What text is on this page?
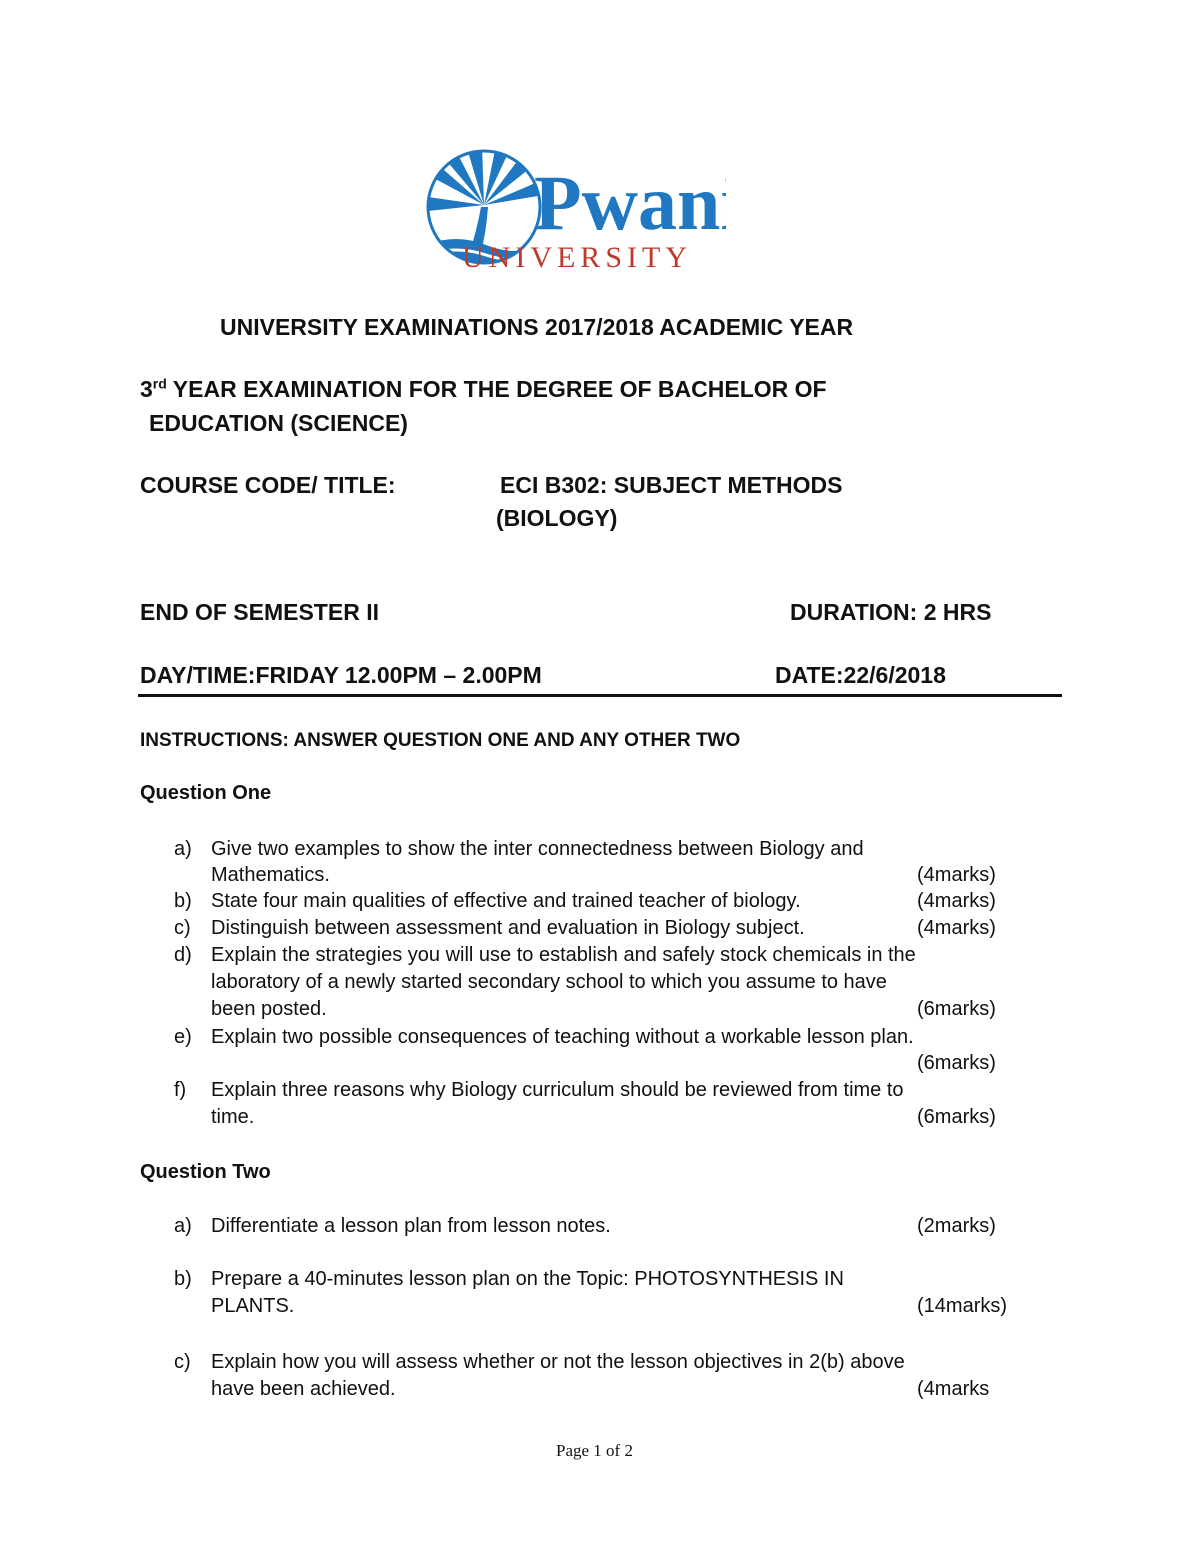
Pwani
UNIVERSITY
UNIVERSITY EXAMINATIONS 2017/2018 ACADEMIC YEAR
3rd YEAR EXAMINATION FOR THE DEGREE OF BACHELOR OF
EDUCATION (SCIENCE)
COURSE CODE/ TITLE:	ECI B302: SUBJECT METHODS
(BIOLOGY)
END OF SEMESTER II	DURATION: 2 HRS
DAY/TIME:FRIDAY 12.00PM – 2.00PM	DATE:22/6/2018
INSTRUCTIONS: ANSWER QUESTION ONE AND ANY OTHER TWO
Question One
a) Give two examples to show the inter connectedness between Biology and
Mathematics.	(4marks)
b) State four main qualities of effective and trained teacher of biology.	(4marks)
c) Distinguish between assessment and evaluation in Biology subject.	(4marks)
d) Explain the strategies you will use to establish and safely stock chemicals in the
laboratory of a newly started secondary school to which you assume to have
been posted.	(6marks)
e) Explain two possible consequences of teaching without a workable lesson plan.
(6marks)
f) Explain three reasons why Biology curriculum should be reviewed from time to
time.	(6marks)
Question Two
a) Differentiate a lesson plan from lesson notes.	(2marks)
b) Prepare a 40-minutes lesson plan on the Topic: PHOTOSYNTHESIS IN
PLANTS.	(14marks)
c) Explain how you will assess whether or not the lesson objectives in 2(b) above
have been achieved.	(4marks
Page 1 of 2
